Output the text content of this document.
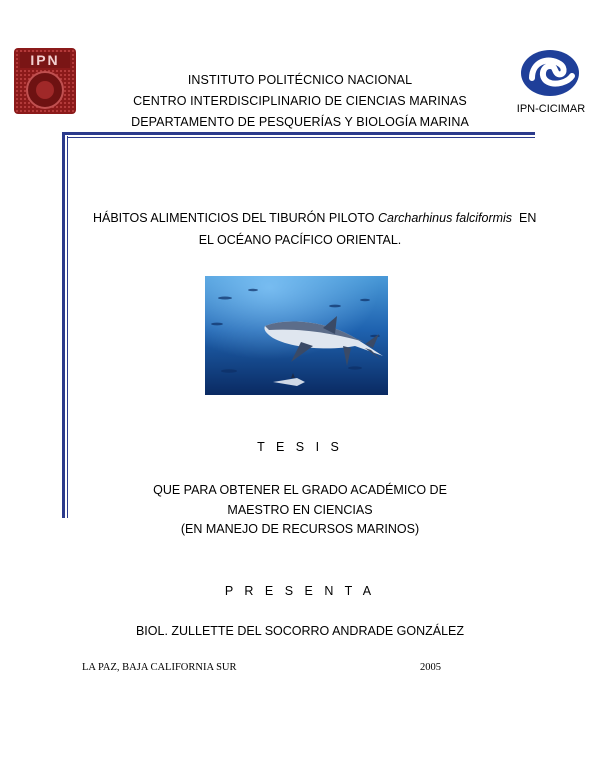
IPN
IPN-CICIMAR
INSTITUTO POLITÉCNICO NACIONAL
CENTRO INTERDISCIPLINARIO DE CIENCIAS MARINAS
DEPARTAMENTO DE PESQUERÍAS Y BIOLOGÍA MARINA

HÁBITOS ALIMENTICIOS DEL TIBURÓN PILOTO Carcharhinus falciformis  EN

EL OCÉANO PACÍFICO ORIENTAL.
T E S I S
QUE PARA OBTENER EL GRADO ACADÉMICO DE
MAESTRO EN CIENCIAS
(EN MANEJO DE RECURSOS MARINOS)
P R E S E N T A
BIOL. ZULLETTE DEL SOCORRO ANDRADE GONZÁLEZ
LA PAZ, BAJA CALIFORNIA SUR	2005
